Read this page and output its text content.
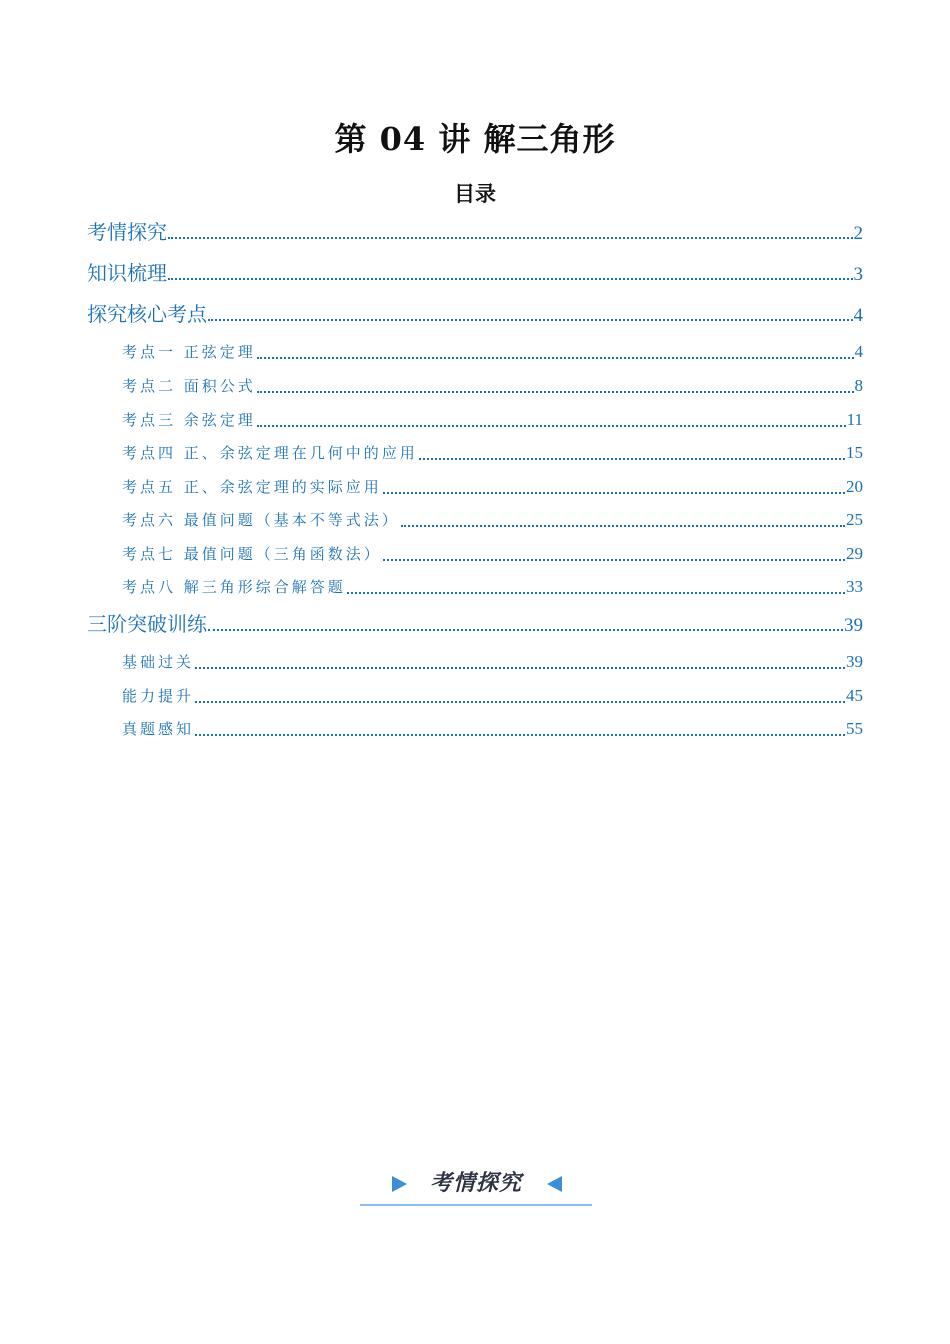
第 04 讲 解三角形
目录
考情探究	2
知识梳理	3
探究核心考点	4
考点一 正弦定理	4
考点二 面积公式	8
考点三 余弦定理	11
考点四 正、余弦定理在几何中的应用	15
考点五 正、余弦定理的实际应用	20
考点六 最值问题（基本不等式法）	25
考点七 最值问题（三角函数法）	29
考点八 解三角形综合解答题	33
三阶突破训练	39
基础过关	39
能力提升	45
真题感知	55
考情探究
